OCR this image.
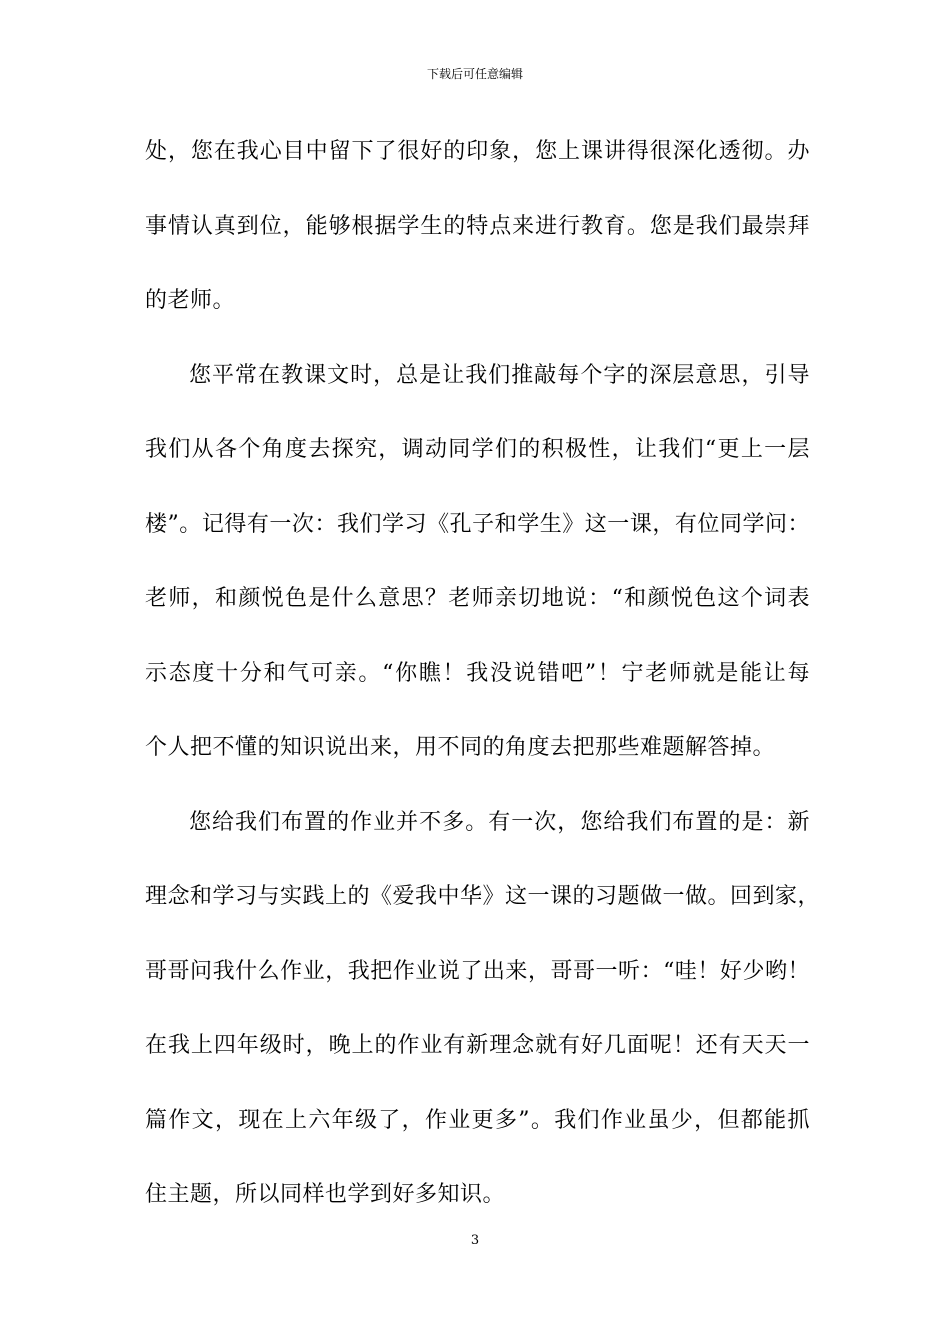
下载后可任意编辑
处，您在我心目中留下了很好的印象，您上课讲得很深化透彻。办
事情认真到位，能够根据学生的特点来进行教育。您是我们最崇拜
的老师。
您平常在教课文时，总是让我们推敲每个字的深层意思，引导
我们从各个角度去探究，调动同学们的积极性，让我们“更上一层
楼”。记得有一次：我们学习《孔子和学生》这一课，有位同学问：
老师，和颜悦色是什么意思？老师亲切地说：“和颜悦色这个词表
示态度十分和气可亲。“你瞧！我没说错吧”！宁老师就是能让每
个人把不懂的知识说出来，用不同的角度去把那些难题解答掉。
您给我们布置的作业并不多。有一次，您给我们布置的是：新
理念和学习与实践上的《爱我中华》这一课的习题做一做。回到家，
哥哥问我什么作业，我把作业说了出来，哥哥一听：“哇！好少哟！
在我上四年级时，晚上的作业有新理念就有好几面呢！还有天天一
篇作文，现在上六年级了，作业更多”。我们作业虽少，但都能抓
住主题，所以同样也学到好多知识。
3
